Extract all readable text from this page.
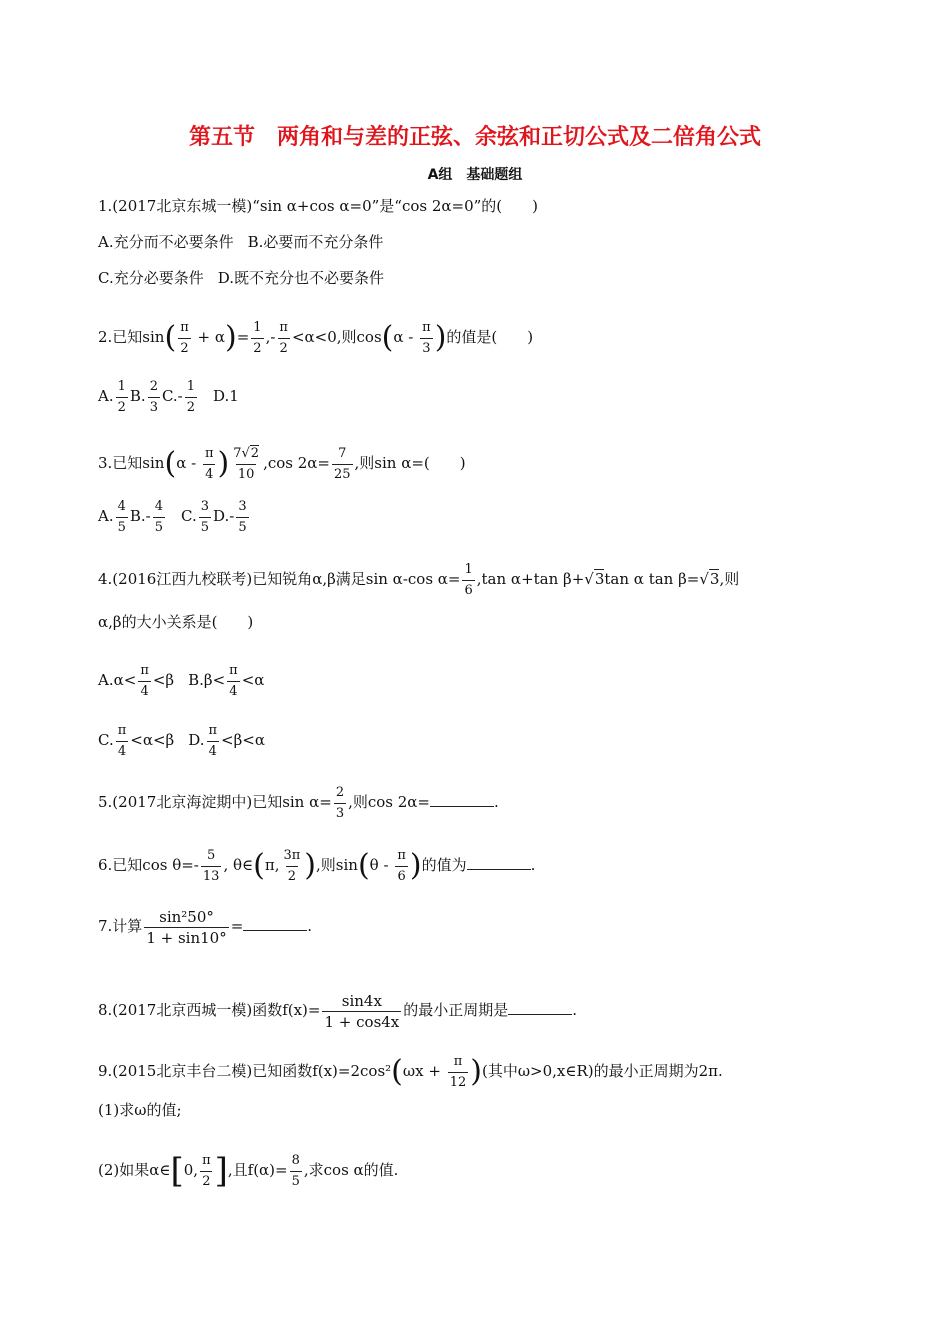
第五节 两角和与差的正弦、余弦和正切公式及二倍角公式
A组 基础题组
1.(2017北京东城一模)“sin α+cos α=0”是“cos 2α=0”的(　　)
A.充分而不必要条件 B.必要而不充分条件
C.充分必要条件 D.既不充分也不必要条件
2.已知$\sin( \frac{\pi}{2} + \alpha)= \frac{1}{2}$ ,- $\frac{\pi}{2} <\alpha<0$,则$\cos(\alpha - \frac{\pi}{3}$ )的值是(　　)
A. $\frac{1}{2} B$. $\frac{2}{3} C.- \frac{1}{2} D.1$
3.已知$\sin(\alpha - \frac{\pi}{4}$ ) $\frac{7√2}{10} ,\cos$ $2\alpha= \frac{7}{25}$ ,则sin α=(　　)
A. $\frac{4}{5} B.- \frac{4}{5} C$. $\frac{3}{5} D.- \frac{3}{5}$
4.(2016江西九校联考)已知锐角α,β满足sin α-cos $\alpha= \frac{1}{6} ,\tan$ α+tan β+√3tan α tan β=√3,则
α,β的大小关系是(　　)
$A.\alpha< \frac{\pi}{4} <\beta$ $B.\beta< \frac{\pi}{4} <\alpha$
C. $\frac{\pi}{4} <\alpha<\beta$ D. $\frac{\pi}{4} <\beta<\alpha$
5.(2017北京海淀期中)已知$\sin \alpha= \frac{2}{3}$ ,则cos 2α=	.
6.已知$\cos \theta=- \frac{5}{13}$ , θ∈(π, $\frac{3\pi}{2}$ ),则$\sin(\theta - \frac{\pi}{6}$ )的值为	.
7.计算 $\frac{\text{sin²50°}}{1 + \sin 10^\circ}$ =	.
8.(2017北京西城一模)函数$f(x)= \frac{\sin 4x}{1 + \cos 4x}$ 的最小正周期是	.
9.(2015北京丰台二模)已知函数$f(x)=2\cos^2(\omega x + \frac{\pi}{12}$ )(其中ω>0,x∈R)的最小正周期为2π.
(1)求ω的值;
(2)如果α∈[0, $\frac{\pi}{2}$ ],且$f(\alpha)= \frac{8}{5}$ ,求cos α的值.
